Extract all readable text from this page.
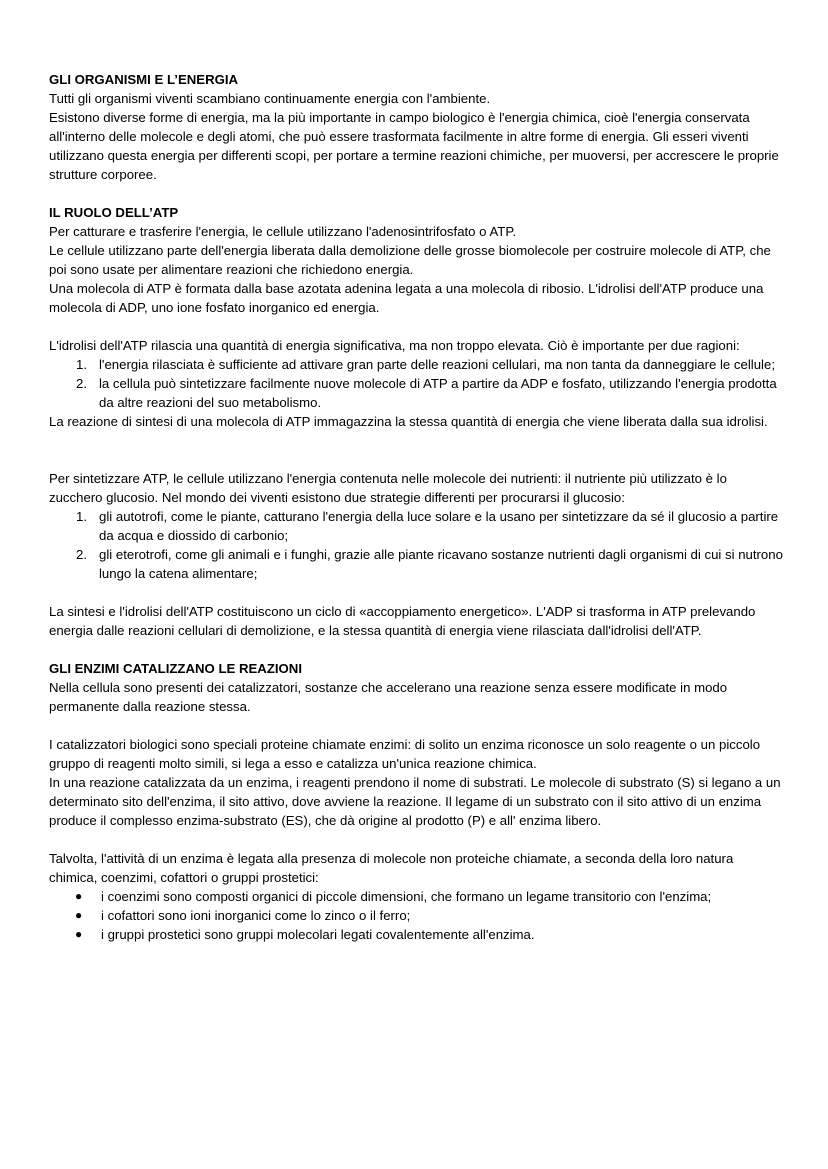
GLI ORGANISMI E L’ENERGIA

Tutti gli organismi viventi scambiano continuamente energia con l'ambiente.

Esistono diverse forme di energia, ma la più importante in campo biologico è l'energia chimica, cioè l'energia conservata all'interno delle molecole e degli atomi, che può essere trasformata facilmente in altre forme di energia. Gli esseri viventi utilizzano questa energia per differenti scopi, per portare a termine reazioni chimiche, per muoversi, per accrescere le proprie strutture corporee.

IL RUOLO DELL’ATP

Per catturare e trasferire l'energia, le cellule utilizzano l'adenosintrifosfato o ATP.

Le cellule utilizzano parte dell'energia liberata dalla demolizione delle grosse biomolecole per costruire molecole di ATP, che poi sono usate per alimentare reazioni che richiedono energia.

Una molecola di ATP è formata dalla base azotata adenina legata a una molecola di ribosio. L'idrolisi dell'ATP produce una molecola di ADP, uno ione fosfato inorganico ed energia.

L'idrolisi dell'ATP rilascia una quantità di energia significativa, ma non troppo elevata. Ciò è importante per due ragioni:

1. l'energia rilasciata è sufficiente ad attivare gran parte delle reazioni cellulari, ma non tanta da danneggiare le cellule;
2. la cellula può sintetizzare facilmente nuove molecole di ATP a partire da ADP e fosfato, utilizzando l'energia prodotta da altre reazioni del suo metabolismo.

La reazione di sintesi di una molecola di ATP immagazzina la stessa quantità di energia che viene liberata dalla sua idrolisi.

Per sintetizzare ATP, le cellule utilizzano l'energia contenuta nelle molecole dei nutrienti: il nutriente più utilizzato è lo zucchero glucosio. Nel mondo dei viventi esistono due strategie differenti per procurarsi il glucosio:

1. gli autotrofi, come le piante, catturano l'energia della luce solare e la usano per sintetizzare da sé il glucosio a partire da acqua e diossido di carbonio;
2. gli eterotrofi, come gli animali e i funghi, grazie alle piante ricavano sostanze nutrienti dagli organismi di cui si nutrono lungo la catena alimentare;

La sintesi e l'idrolisi dell'ATP costituiscono un ciclo di «accoppiamento energetico». L'ADP si trasforma in ATP prelevando energia dalle reazioni cellulari di demolizione, e la stessa quantità di energia viene rilasciata dall'idrolisi dell'ATP.

GLI ENZIMI CATALIZZANO LE REAZIONI

Nella cellula sono presenti dei catalizzatori, sostanze che accelerano una reazione senza essere modificate in modo permanente dalla reazione stessa.

I catalizzatori biologici sono speciali proteine chiamate enzimi: di solito un enzima riconosce un solo reagente o un piccolo gruppo di reagenti molto simili, si lega a esso e catalizza un'unica reazione chimica.

In una reazione catalizzata da un enzima, i reagenti prendono il nome di substrati. Le molecole di substrato (S) si legano a un determinato sito dell'enzima, il sito attivo, dove avviene la reazione. Il legame di un substrato con il sito attivo di un enzima produce il complesso enzima-substrato (ES), che dà origine al prodotto (P) e all' enzima libero.

Talvolta, l'attività di un enzima è legata alla presenza di molecole non proteiche chiamate, a seconda della loro natura chimica, coenzimi, cofattori o gruppi prostetici:

● i coenzimi sono composti organici di piccole dimensioni, che formano un legame transitorio con l'enzima;
● i cofattori sono ioni inorganici come lo zinco o il ferro;
● i gruppi prostetici sono gruppi molecolari legati covalentemente all'enzima.
